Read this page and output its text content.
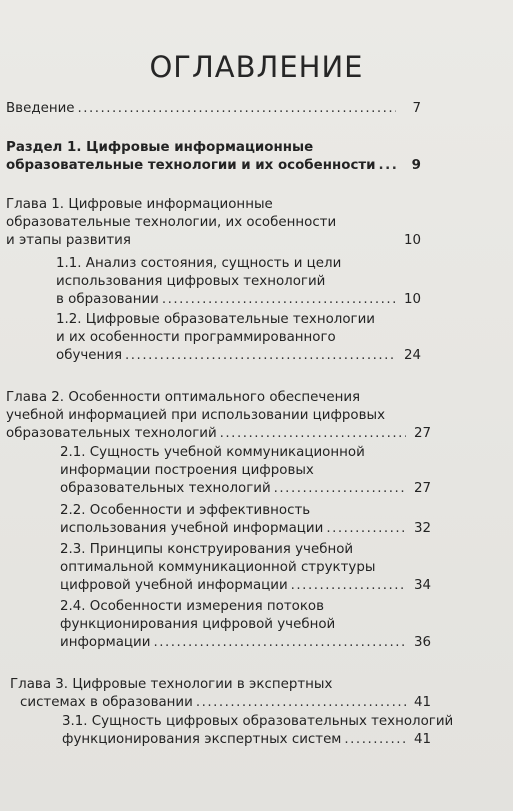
ОГЛАВЛЕНИЕ
Введение .....	7
Раздел 1. Цифровые информационные
образовательные технологии и их особенности .....	9
Глава 1. Цифровые информационные
образовательные технологии, их особенности
и этапы развития	10
1.1. Анализ состояния, сущность и цели
использования цифровых технологий
в образовании .....	10
1.2. Цифровые образовательные технологии
и их особенности программированного
обучения .....	24
Глава 2. Особенности оптимального обеспечения
учебной информацией при использовании цифровых
образовательных технологий .....	27
2.1. Сущность учебной коммуникационной
информации построения цифровых
образовательных технологий .....	27
2.2. Особенности и эффективность
использования учебной информации .....	32
2.3. Принципы конструирования учебной
оптимальной коммуникационной структуры
цифровой учебной информации .....	34
2.4. Особенности измерения потоков
функционирования цифровой учебной
информации .....	36
Глава 3. Цифровые технологии в экспертных
системах в образовании .....	41
3.1. Сущность цифровых образовательных технологий
функционирования экспертных систем .....	41
